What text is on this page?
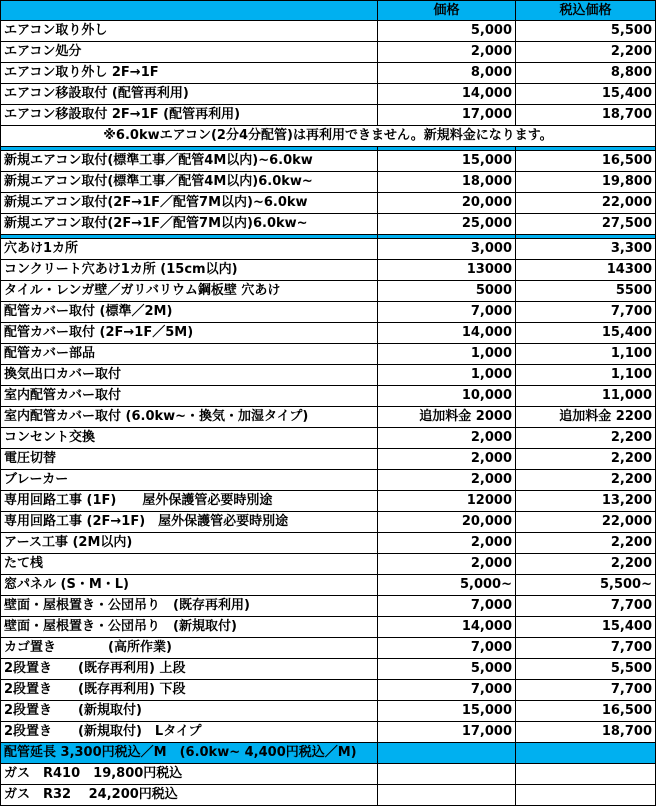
	価格	税込価格
エアコン取り外し	5,000	5,500
エアコン処分	2,000	2,200
エアコン取り外し 2F→1F	8,000	8,800
エアコン移設取付 (配管再利用)	14,000	15,400
エアコン移設取付 2F→1F (配管再利用)	17,000	18,700
※6.0kwエアコン(2分4分配管)は再利用できません。新規料金になります。		

新規エアコン取付(標準工事／配管4M以内)~6.0kw	15,000	16,500
新規エアコン取付(標準工事／配管4M以内)6.0kw~	18,000	19,800
新規エアコン取付(2F→1F／配管7M以内)~6.0kw	20,000	22,000
新規エアコン取付(2F→1F／配管7M以内)6.0kw~	25,000	27,500

穴あけ1カ所	3,000	3,300
コンクリート穴あけ1カ所 (15cm以内)	13000	14300
タイル・レンガ壁／ガリバリウム鋼板壁 穴あけ	5000	5500
配管カバー取付 (標準／2M)	7,000	7,700
配管カバー取付 (2F→1F／5M)	14,000	15,400
配管カバー部品	1,000	1,100
換気出口カバー取付	1,000	1,100
室内配管カバー取付	10,000	11,000
室内配管カバー取付 (6.0kw~・換気・加湿タイプ)	追加料金 2000	追加料金 2200
コンセント交換	2,000	2,200
電圧切替	2,000	2,200
ブレーカー	2,000	2,200
専用回路工事 (1F)　　屋外保護管必要時別途	12000	13,200
専用回路工事 (2F→1F)　屋外保護管必要時別途	20,000	22,000
アース工事 (2M以内)	2,000	2,200
たて桟	2,000	2,200
窓パネル (S・M・L)	5,000~	5,500~
壁面・屋根置き・公団吊り　(既存再利用)	7,000	7,700
壁面・屋根置き・公団吊り　(新規取付)	14,000	15,400
カゴ置き　　　　(高所作業)	7,000	7,700
2段置き　　(既存再利用) 上段	5,000	5,500
2段置き　　(既存再利用) 下段	7,000	7,700
2段置き　　(新規取付)	15,000	16,500
2段置き　　(新規取付)　Lタイプ	17,000	18,700
配管延長 3,300円税込／M　(6.0kw~ 4,400円税込／M)		
ガス　R410　19,800円税込		
ガス　R32　 24,200円税込		
